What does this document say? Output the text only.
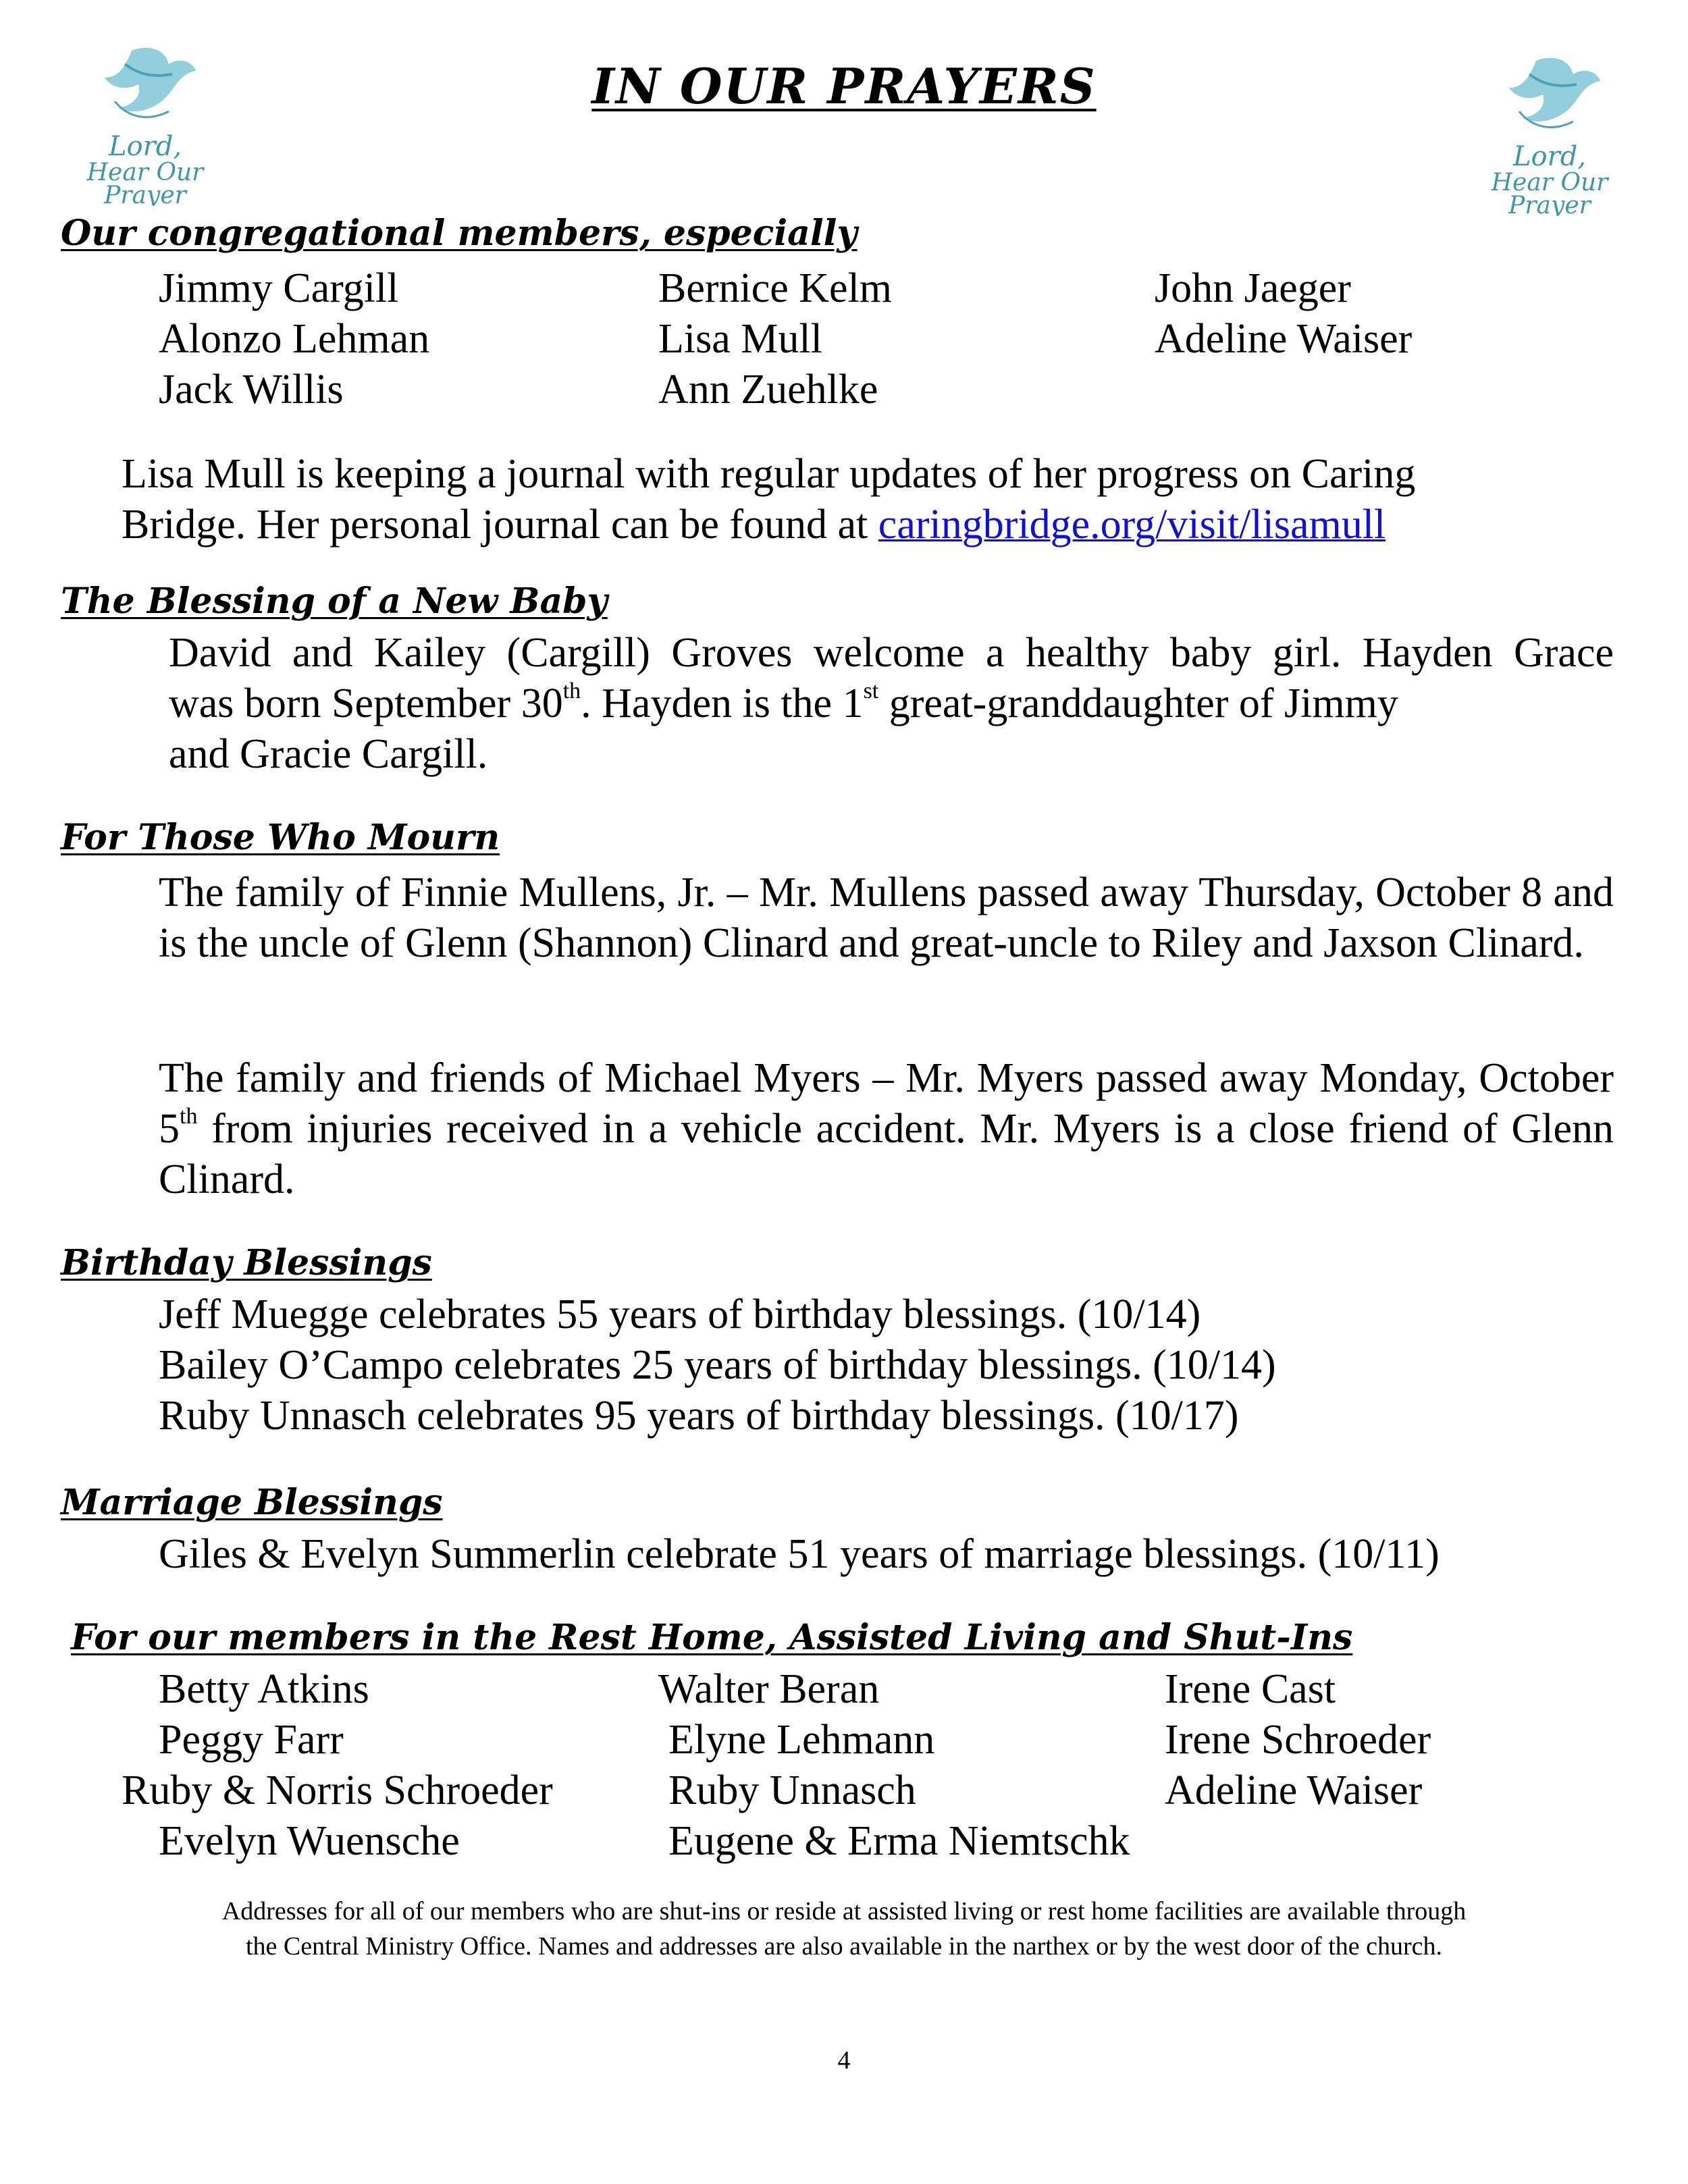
Lord,
Hear Our
Prayer
Lord,
Hear Our
Prayer
IN OUR PRAYERS
Our congregational members, especially
Jimmy Cargill	Bernice Kelm	John Jaeger
Alonzo Lehman	Lisa Mull	Adeline Waiser
Jack Willis	Ann Zuehlke
Lisa Mull is keeping a journal with regular updates of her progress on Caring
Bridge. Her personal journal can be found at caringbridge.org/visit/lisamull
The Blessing of a New Baby
David and Kailey (Cargill) Groves welcome a healthy baby girl. Hayden Grace
was born September 30th. Hayden is the 1st great-granddaughter of Jimmy
and Gracie Cargill.
For Those Who Mourn
The family of Finnie Mullens, Jr. – Mr. Mullens passed away Thursday, October 8 and is the uncle of Glenn (Shannon) Clinard and great-uncle to Riley and Jaxson Clinard.
The family and friends of Michael Myers – Mr. Myers passed away Monday, October 5th from injuries received in a vehicle accident. Mr. Myers is a close friend of Glenn Clinard.
Birthday Blessings
Jeff Muegge celebrates 55 years of birthday blessings. (10/14)
Bailey O’Campo celebrates 25 years of birthday blessings. (10/14)
Ruby Unnasch celebrates 95 years of birthday blessings. (10/17)
Marriage Blessings
Giles & Evelyn Summerlin celebrate 51 years of marriage blessings. (10/11)
For our members in the Rest Home, Assisted Living and Shut-Ins
Betty Atkins	Walter Beran	Irene Cast
Peggy Farr	Elyne Lehmann	Irene Schroeder
Ruby & Norris Schroeder	Ruby Unnasch	Adeline Waiser
Evelyn Wuensche	Eugene & Erma Niemtschk
Addresses for all of our members who are shut-ins or reside at assisted living or rest home facilities are available through
the Central Ministry Office. Names and addresses are also available in the narthex or by the west door of the church.
4
